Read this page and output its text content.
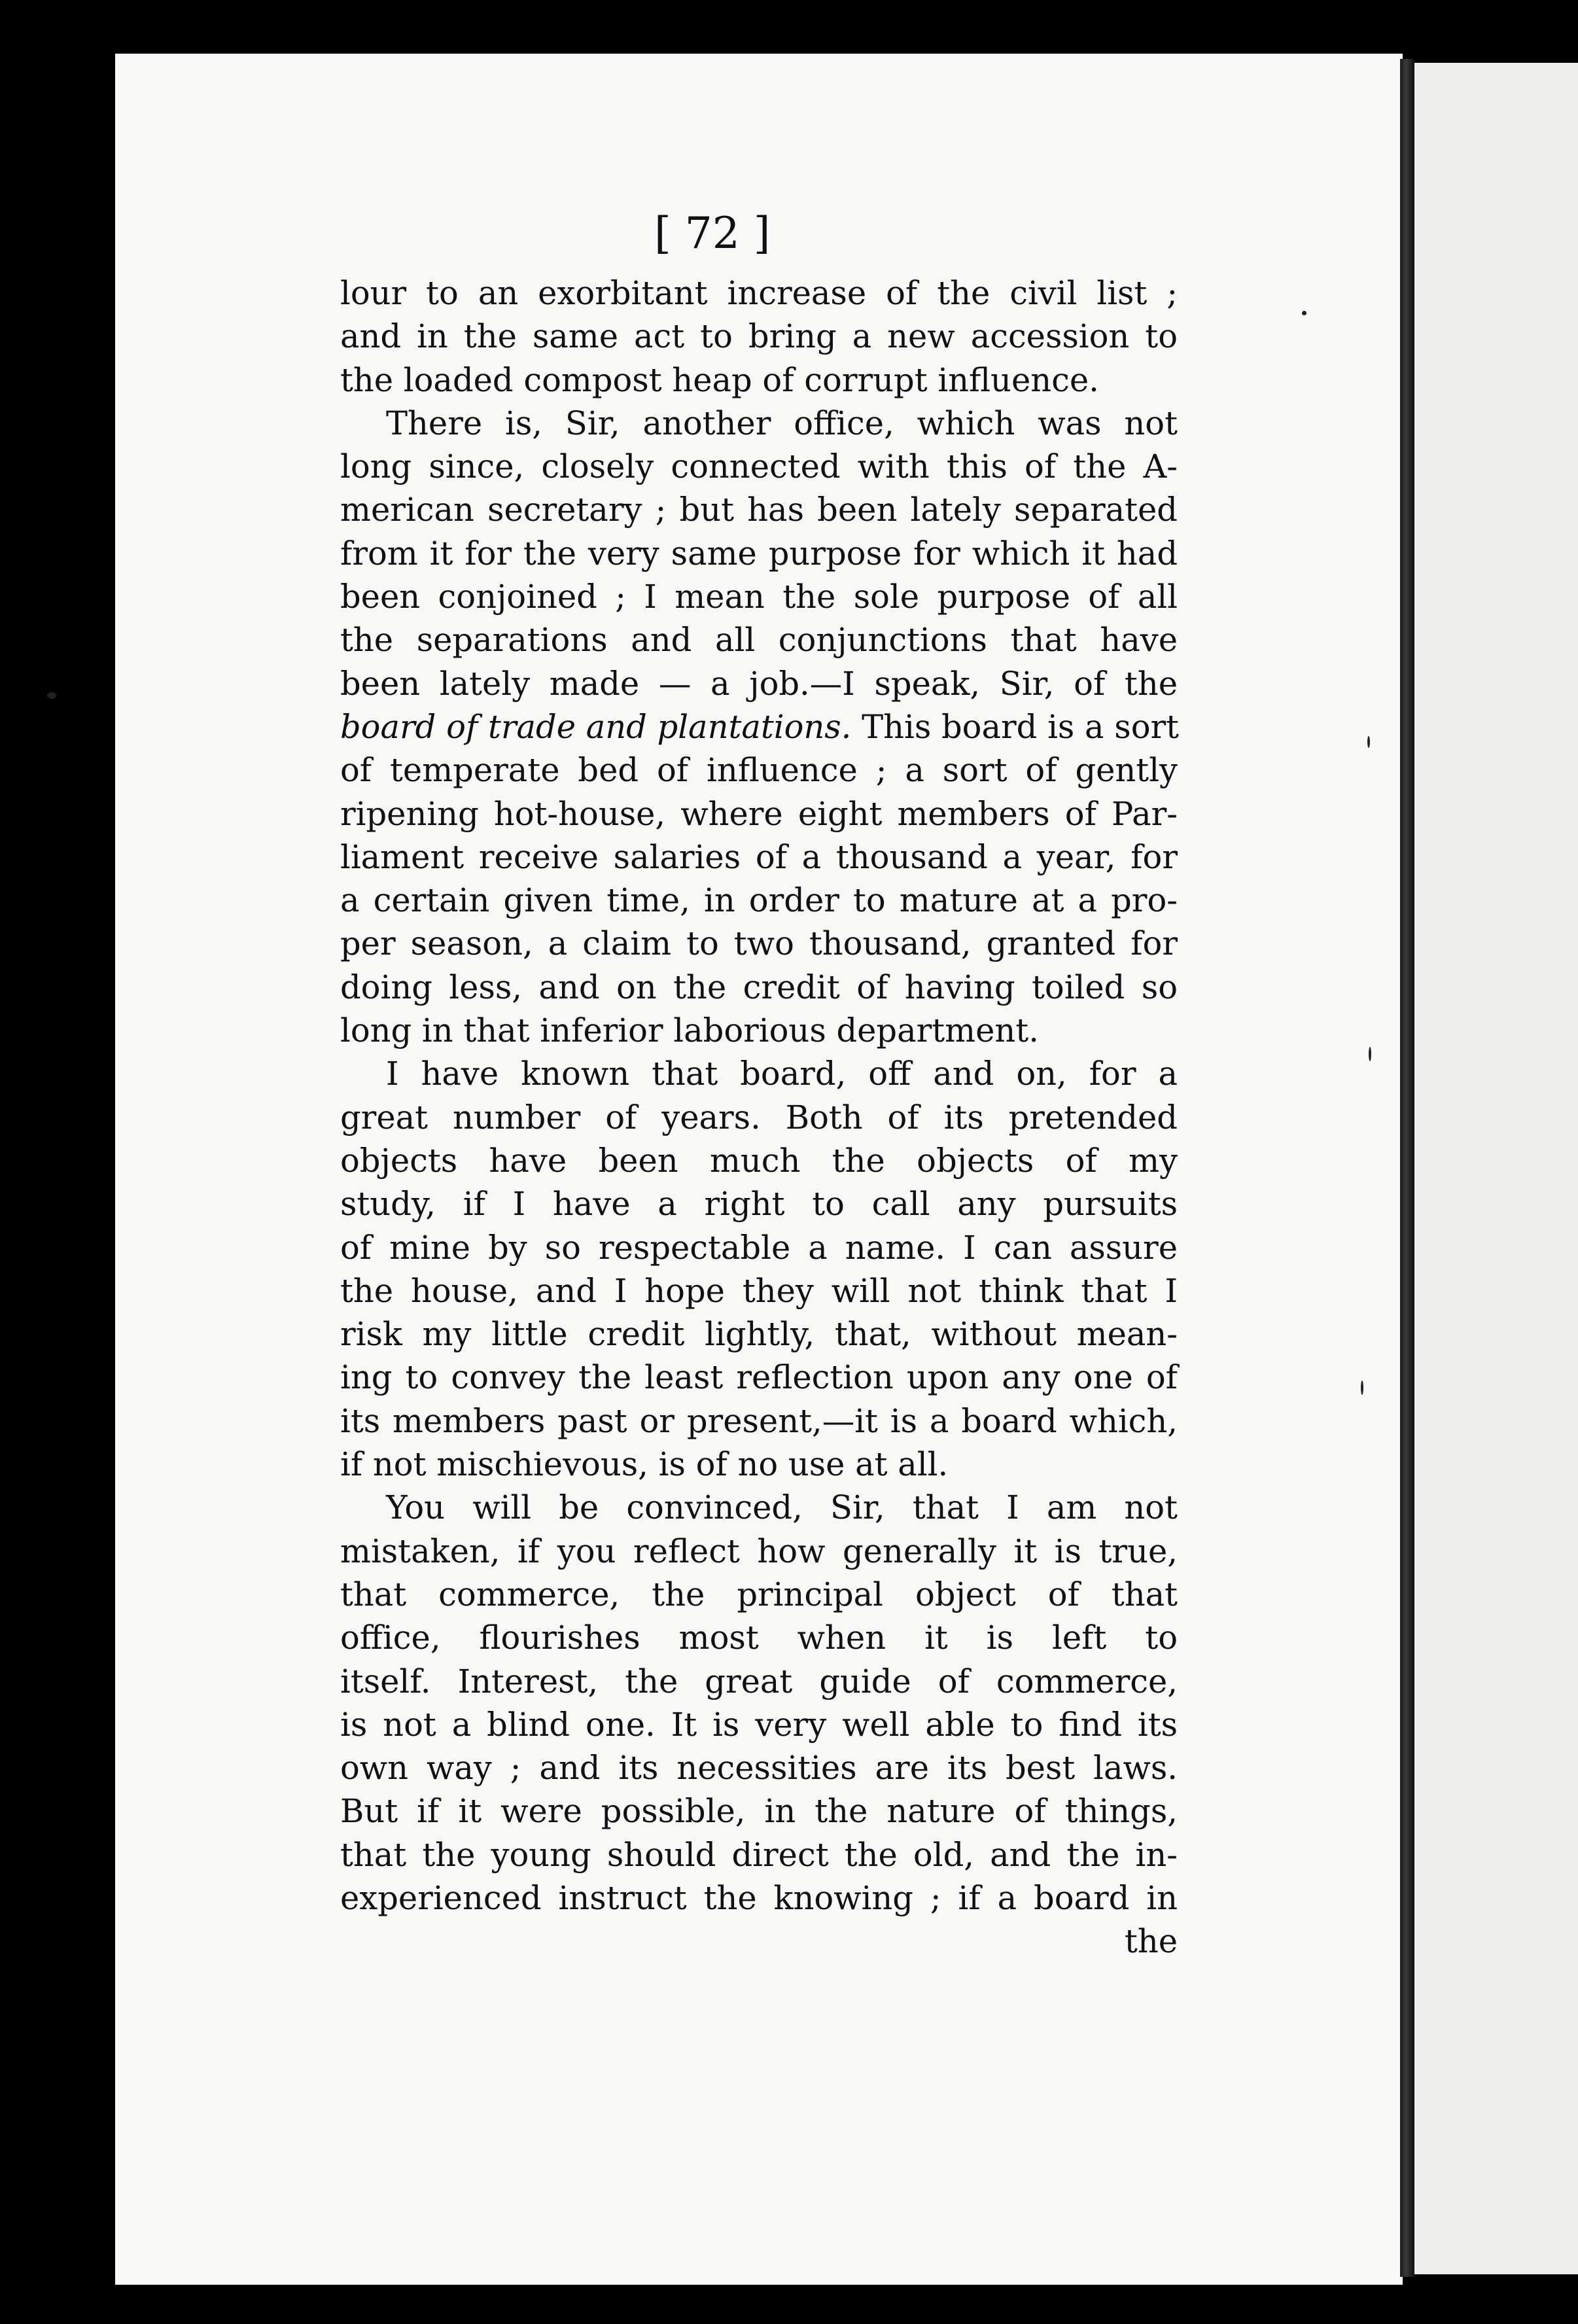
[ 72 ]
lour to an exorbitant increase of the civil list ;
and in the same act to bring a new accession to
the loaded compost heap of corrupt influence.
There is, Sir, another office, which was not
long since, closely connected with this of the A-
merican secretary ; but has been lately separated
from it for the very same purpose for which it had
been conjoined ; I mean the sole purpose of all
the separations and all conjunctions that have
been lately made — a job.—I speak, Sir, of the
board of trade and plantations. This board is a sort
of temperate bed of influence ; a sort of gently
ripening hot-house, where eight members of Par-
liament receive salaries of a thousand a year, for
a certain given time, in order to mature at a pro-
per season, a claim to two thousand, granted for
doing less, and on the credit of having toiled so
long in that inferior laborious department.
I have known that board, off and on, for a
great number of years. Both of its pretended
objects have been much the objects of my
study, if I have a right to call any pursuits
of mine by so respectable a name. I can assure
the house, and I hope they will not think that I
risk my little credit lightly, that, without mean-
ing to convey the least reflection upon any one of
its members past or present,—it is a board which,
if not mischievous, is of no use at all.
You will be convinced, Sir, that I am not
mistaken, if you reflect how generally it is true,
that commerce, the principal object of that
office, flourishes most when it is left to
itself. Interest, the great guide of commerce,
is not a blind one. It is very well able to find its
own way ; and its necessities are its best laws.
But if it were possible, in the nature of things,
that the young should direct the old, and the in-
experienced instruct the knowing ; if a board in
the
